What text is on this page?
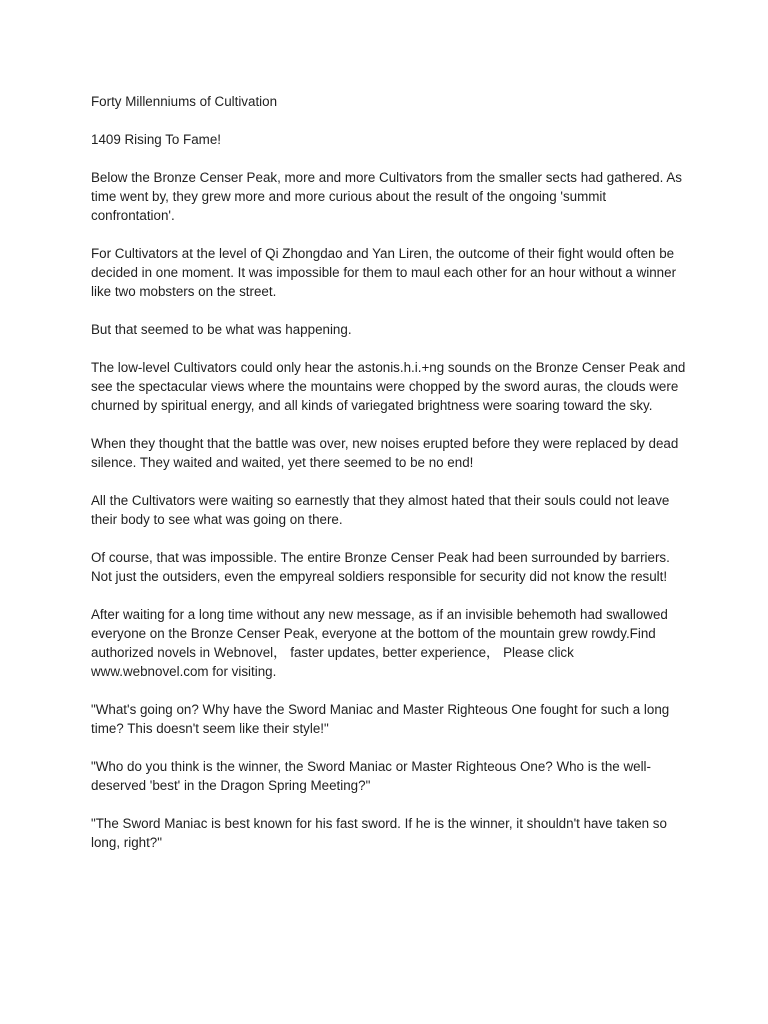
Forty Millenniums of Cultivation

1409 Rising To Fame!

Below the Bronze Censer Peak, more and more Cultivators from the smaller sects had gathered. As time went by, they grew more and more curious about the result of the ongoing 'summit confrontation'.

For Cultivators at the level of Qi Zhongdao and Yan Liren, the outcome of their fight would often be decided in one moment. It was impossible for them to maul each other for an hour without a winner like two mobsters on the street.

But that seemed to be what was happening.

The low-level Cultivators could only hear the astonis.h.i.+ng sounds on the Bronze Censer Peak and see the spectacular views where the mountains were chopped by the sword auras, the clouds were churned by spiritual energy, and all kinds of variegated brightness were soaring toward the sky.

When they thought that the battle was over, new noises erupted before they were replaced by dead silence. They waited and waited, yet there seemed to be no end!

All the Cultivators were waiting so earnestly that they almost hated that their souls could not leave their body to see what was going on there.

Of course, that was impossible. The entire Bronze Censer Peak had been surrounded by barriers. Not just the outsiders, even the empyreal soldiers responsible for security did not know the result!

After waiting for a long time without any new message, as if an invisible behemoth had swallowed everyone on the Bronze Censer Peak, everyone at the bottom of the mountain grew rowdy.Find authorized novels in Webnovel， faster updates, better experience， Please click www.webnovel.com for visiting.

"What's going on? Why have the Sword Maniac and Master Righteous One fought for such a long time? This doesn't seem like their style!"

"Who do you think is the winner, the Sword Maniac or Master Righteous One? Who is the well-deserved 'best' in the Dragon Spring Meeting?"

"The Sword Maniac is best known for his fast sword. If he is the winner, it shouldn't have taken so long, right?"
